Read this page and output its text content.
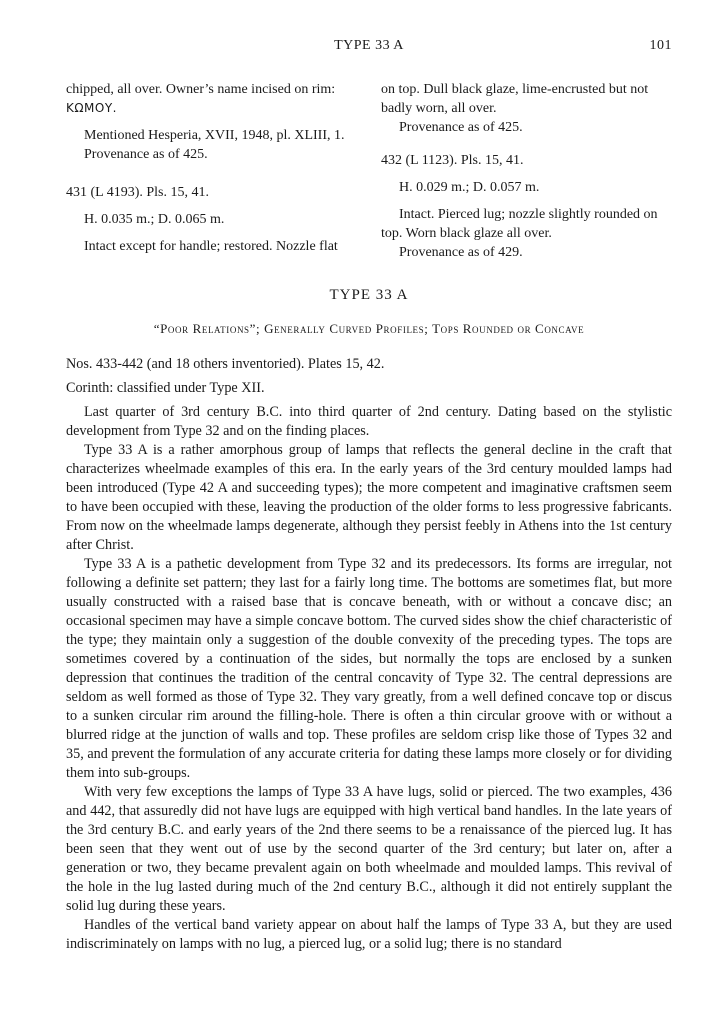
TYPE 33 A	101

chipped, all over. Owner’s name incised on rim:

ΚΩΜΟΥ.

Mentioned Hesperia, XVII, 1948, pl. XLIII, 1.

Provenance as of 425.

431 (L 4193). Pls. 15, 41.

H. 0.035 m.; D. 0.065 m.

Intact except for handle; restored. Nozzle flat

on top. Dull black glaze, lime-encrusted but not

badly worn, all over.

Provenance as of 425.

432 (L 1123). Pls. 15, 41.

H. 0.029 m.; D. 0.057 m.

Intact. Pierced lug; nozzle slightly rounded on

top. Worn black glaze all over.

Provenance as of 429.

TYPE 33 A
“Poor Relations”; Generally Curved Profiles; Tops Rounded or Concave

Nos. 433-442 (and 18 others inventoried). Plates 15, 42.

Corinth: classified under Type XII.

Last quarter of 3rd century B.C. into third quarter of 2nd century. Dating based on the stylistic development from Type 32 and on the finding places.

Type 33 A is a rather amorphous group of lamps that reflects the general decline in the craft that characterizes wheelmade examples of this era. In the early years of the 3rd century moulded lamps had been introduced (Type 42 A and succeeding types); the more competent and imaginative craftsmen seem to have been occupied with these, leaving the production of the older forms to less progressive fabricants. From now on the wheelmade lamps degenerate, although they persist feebly in Athens into the 1st century after Christ.

Type 33 A is a pathetic development from Type 32 and its predecessors. Its forms are irregular, not following a definite set pattern; they last for a fairly long time. The bottoms are sometimes flat, but more usually constructed with a raised base that is concave beneath, with or without a concave disc; an occasional specimen may have a simple concave bottom. The curved sides show the chief characteristic of the type; they maintain only a suggestion of the double convexity of the preceding types. The tops are sometimes covered by a continuation of the sides, but normally the tops are enclosed by a sunken depression that continues the tradition of the central concavity of Type 32. The central depressions are seldom as well formed as those of Type 32. They vary greatly, from a well defined concave top or discus to a sunken circular rim around the filling-hole. There is often a thin circular groove with or without a blurred ridge at the junction of walls and top. These profiles are seldom crisp like those of Types 32 and 35, and prevent the formulation of any accurate criteria for dating these lamps more closely or for dividing them into sub-groups.

With very few exceptions the lamps of Type 33 A have lugs, solid or pierced. The two examples, 436 and 442, that assuredly did not have lugs are equipped with high vertical band handles. In the late years of the 3rd century B.C. and early years of the 2nd there seems to be a renaissance of the pierced lug. It has been seen that they went out of use by the second quarter of the 3rd century; but later on, after a generation or two, they became prevalent again on both wheelmade and moulded lamps. This revival of the hole in the lug lasted during much of the 2nd century B.C., although it did not entirely supplant the solid lug during these years.

Handles of the vertical band variety appear on about half the lamps of Type 33 A, but they are used indiscriminately on lamps with no lug, a pierced lug, or a solid lug; there is no standard
